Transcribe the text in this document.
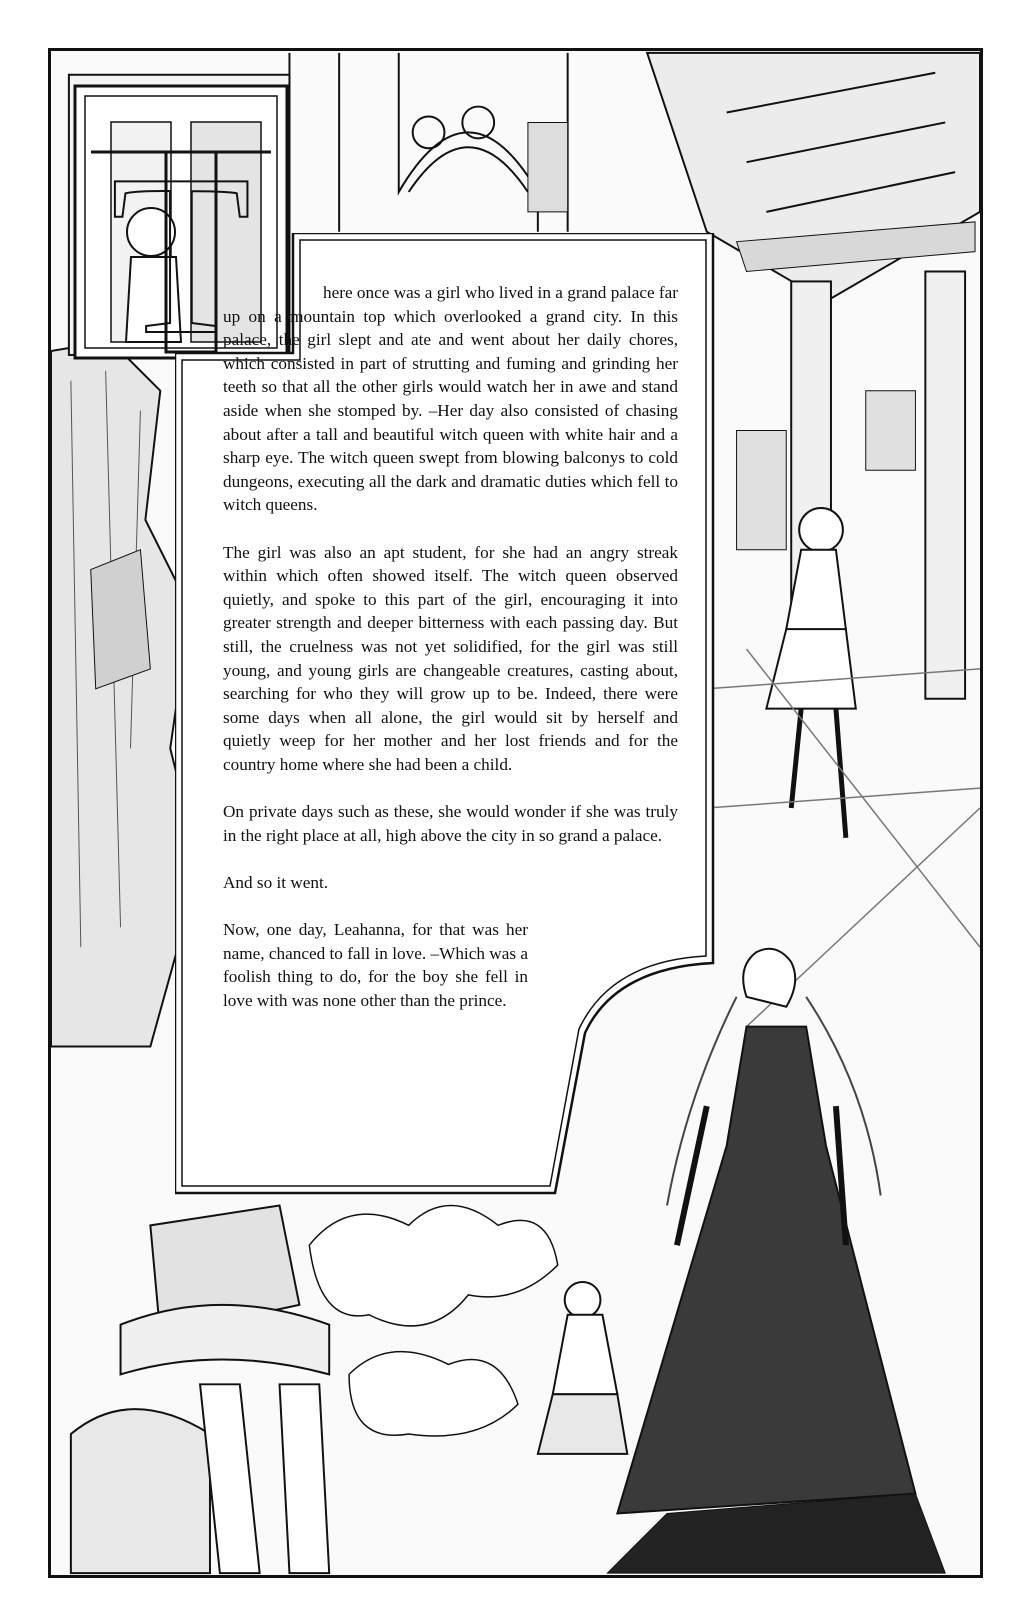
T	here once was a girl who lived in a grand palace far up on a mountain top which overlooked a grand city. In this palace, the girl slept and ate and went about her daily chores, which consisted in part of strutting and fuming and grinding her teeth so that all the other girls would watch her in awe and stand aside when she stomped by. –Her day also consisted of chasing about after a tall and beautiful witch queen with white hair and a sharp eye. The witch queen swept from blowing balconys to cold dungeons, executing all the dark and dramatic duties which fell to witch queens.

The girl was also an apt student, for she had an angry streak within which often showed itself. The witch queen observed quietly, and spoke to this part of the girl, encouraging it into greater strength and deeper bitterness with each passing day. But still, the cruelness was not yet solidified, for the girl was still young, and young girls are changeable creatures, casting about, searching for who they will grow up to be. Indeed, there were some days when all alone, the girl would sit by herself and quietly weep for her mother and her lost friends and for the country home where she had been a child.

On private days such as these, she would wonder if she was truly in the right place at all, high above the city in so grand a palace.

And so it went.

Now, one day, Leahanna, for that was her name, chanced to fall in love. –Which was a foolish thing to do, for the boy she fell in love with was none other than the prince.
